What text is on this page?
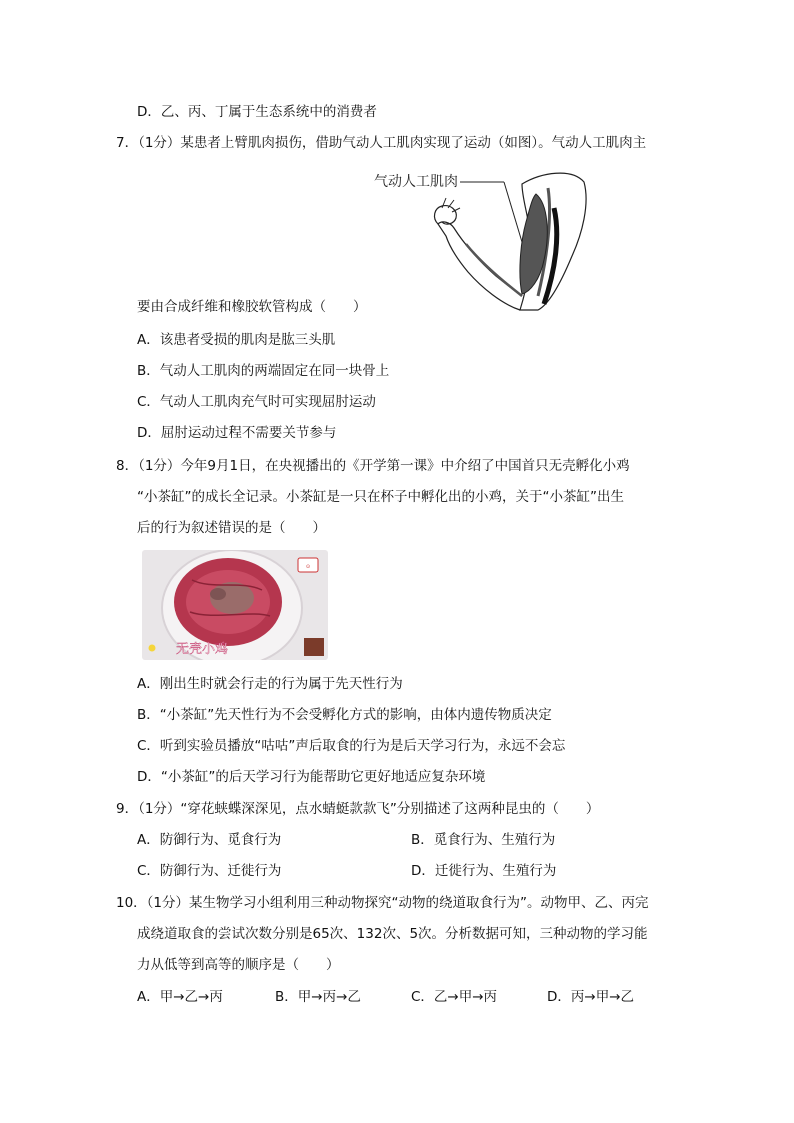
D．乙、丙、丁属于生态系统中的消费者
7．（1分）某患者上臂肌肉损伤，借助气动人工肌肉实现了运动（如图）。气动人工肌肉主
气动人工肌肉
要由合成纤维和橡胶软管构成（　　）
A．该患者受损的肌肉是肱三头肌
B．气动人工肌肉的两端固定在同一块骨上
C．气动人工肌肉充气时可实现屈肘运动
D．屈肘运动过程不需要关节参与
8．（1分）今年9月1日，在央视播出的《开学第一课》中介绍了中国首只无壳孵化小鸡
“小茶缸”的成长全记录。小茶缸是一只在杯子中孵化出的小鸡，关于“小茶缸”出生
后的行为叙述错误的是（　　）
⊙
无壳小鸡
A．刚出生时就会行走的行为属于先天性行为
B．“小茶缸”先天性行为不会受孵化方式的影响，由体内遗传物质决定
C．听到实验员播放“咕咕”声后取食的行为是后天学习行为，永远不会忘
D．“小茶缸”的后天学习行为能帮助它更好地适应复杂环境
9．（1分）“穿花蛱蝶深深见，点水蜻蜓款款飞”分别描述了这两种昆虫的（　　）
A．防御行为、觅食行为	B．觅食行为、生殖行为
C．防御行为、迁徙行为	D．迁徙行为、生殖行为
10．（1分）某生物学习小组利用三种动物探究“动物的绕道取食行为”。动物甲、乙、丙完
成绕道取食的尝试次数分别是65次、132次、5次。分析数据可知，三种动物的学习能
力从低等到高等的顺序是（　　）
A．甲→乙→丙	B．甲→丙→乙	C．乙→甲→丙	D．丙→甲→乙
